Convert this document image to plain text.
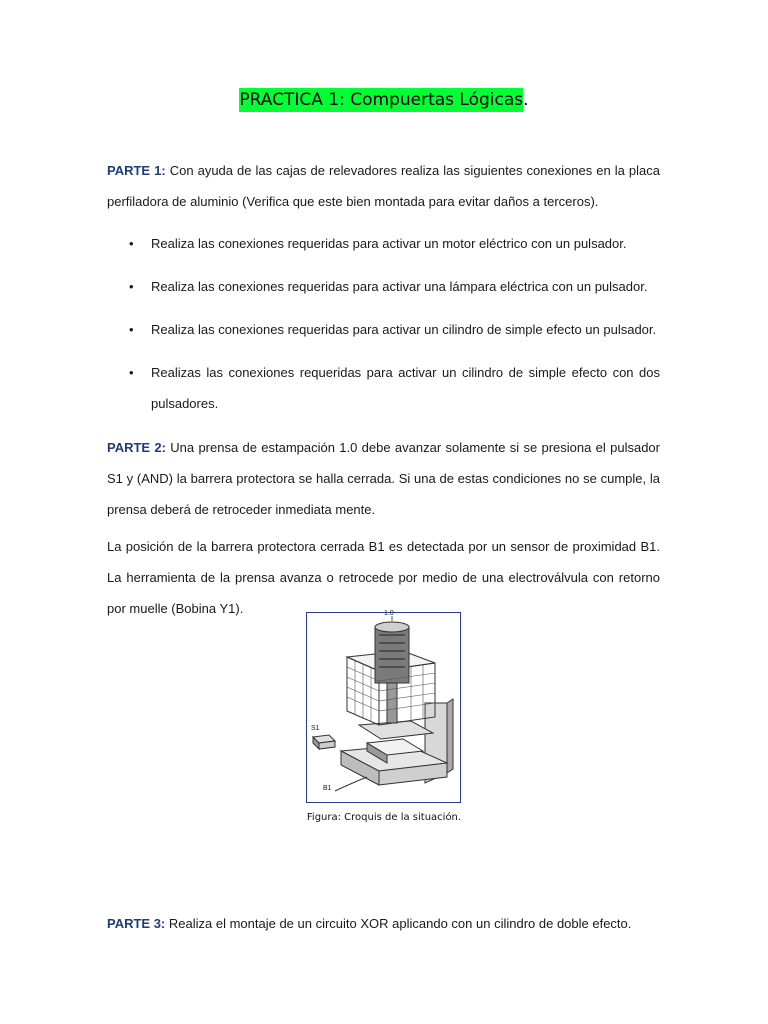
PRACTICA 1: Compuertas Lógicas.

PARTE 1: Con ayuda de las cajas de relevadores realiza las siguientes conexiones en la placa perfiladora de aluminio (Verifica que este bien montada para evitar daños a terceros).

• Realiza las conexiones requeridas para activar un motor eléctrico con un pulsador.
• Realiza las conexiones requeridas para activar una lámpara eléctrica con un pulsador.
• Realiza las conexiones requeridas para activar un cilindro de simple efecto un pulsador.
• Realizas las conexiones requeridas para activar un cilindro de simple efecto con dos pulsadores.

PARTE 2: Una prensa de estampación 1.0 debe avanzar solamente si se presiona el pulsador S1 y (AND) la barrera protectora se halla cerrada. Si una de estas condiciones no se cumple, la prensa deberá de retroceder inmediata mente.

La posición de la barrera protectora cerrada B1 es detectada por un sensor de proximidad B1. La herramienta de la prensa avanza o retrocede por medio de una electroválvula con retorno por muelle (Bobina Y1).	1.0
S1
B1
Figura: Croquis de la situación.

PARTE 3: Realiza el montaje de un circuito XOR aplicando con un cilindro de doble efecto.
